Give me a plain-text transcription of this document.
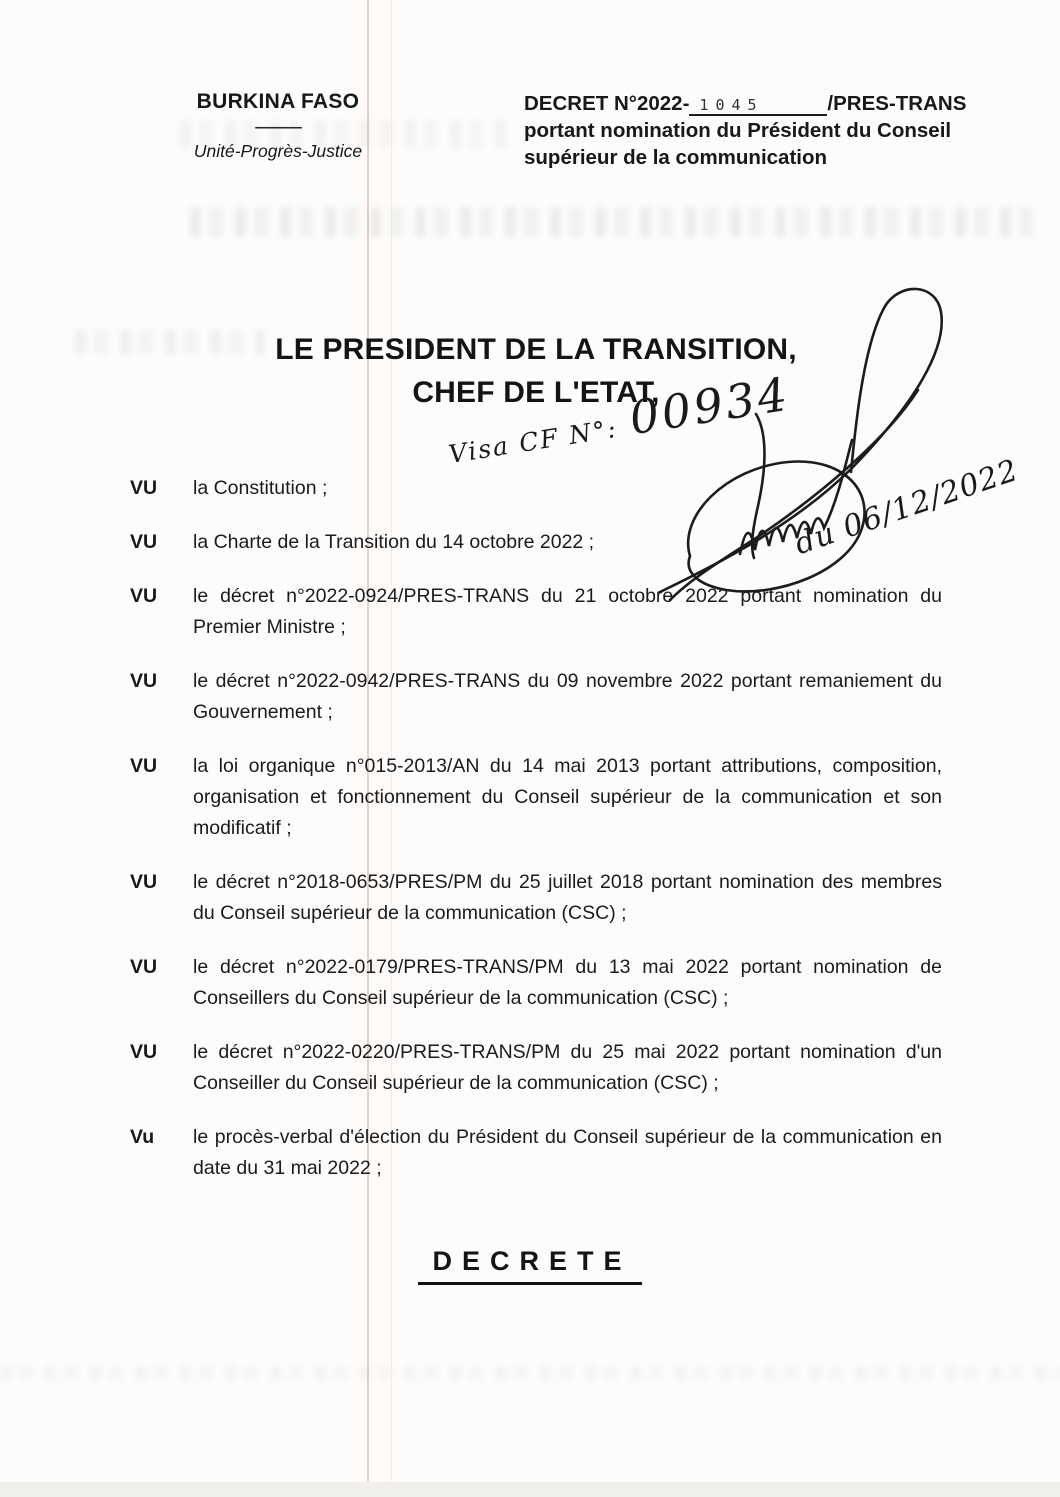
BURKINA FASO
--------------
Unité-Progrès-Justice
DECRET N°2022- 1045	/PRES-TRANS
portant nomination du Président du Conseil
supérieur de la communication
LE PRESIDENT DE LA TRANSITION,
CHEF DE L'ETAT,
Visa CF N°: 00934
du 06/12/2022
VU	la Constitution ;
VU	la Charte de la Transition du 14 octobre 2022 ;
VU	le décret n°2022-0924/PRES-TRANS du 21 octobre 2022 portant nomination du Premier Ministre ;
VU	le décret n°2022-0942/PRES-TRANS du 09 novembre 2022 portant remaniement du Gouvernement ;
VU	la loi organique n°015-2013/AN du 14 mai 2013 portant attributions, composition, organisation et fonctionnement du Conseil supérieur de la communication et son modificatif ;
VU	le décret n°2018-0653/PRES/PM du 25 juillet 2018 portant nomination des membres du Conseil supérieur de la communication (CSC) ;
VU	le décret n°2022-0179/PRES-TRANS/PM du 13 mai 2022 portant nomination de Conseillers du Conseil supérieur de la communication (CSC) ;
VU	le décret n°2022-0220/PRES-TRANS/PM du 25 mai 2022 portant nomination d'un Conseiller du Conseil supérieur de la communication (CSC) ;
Vu	le procès-verbal d'élection du Président du Conseil supérieur de la communication en date du 31 mai 2022 ;
DECRETE
